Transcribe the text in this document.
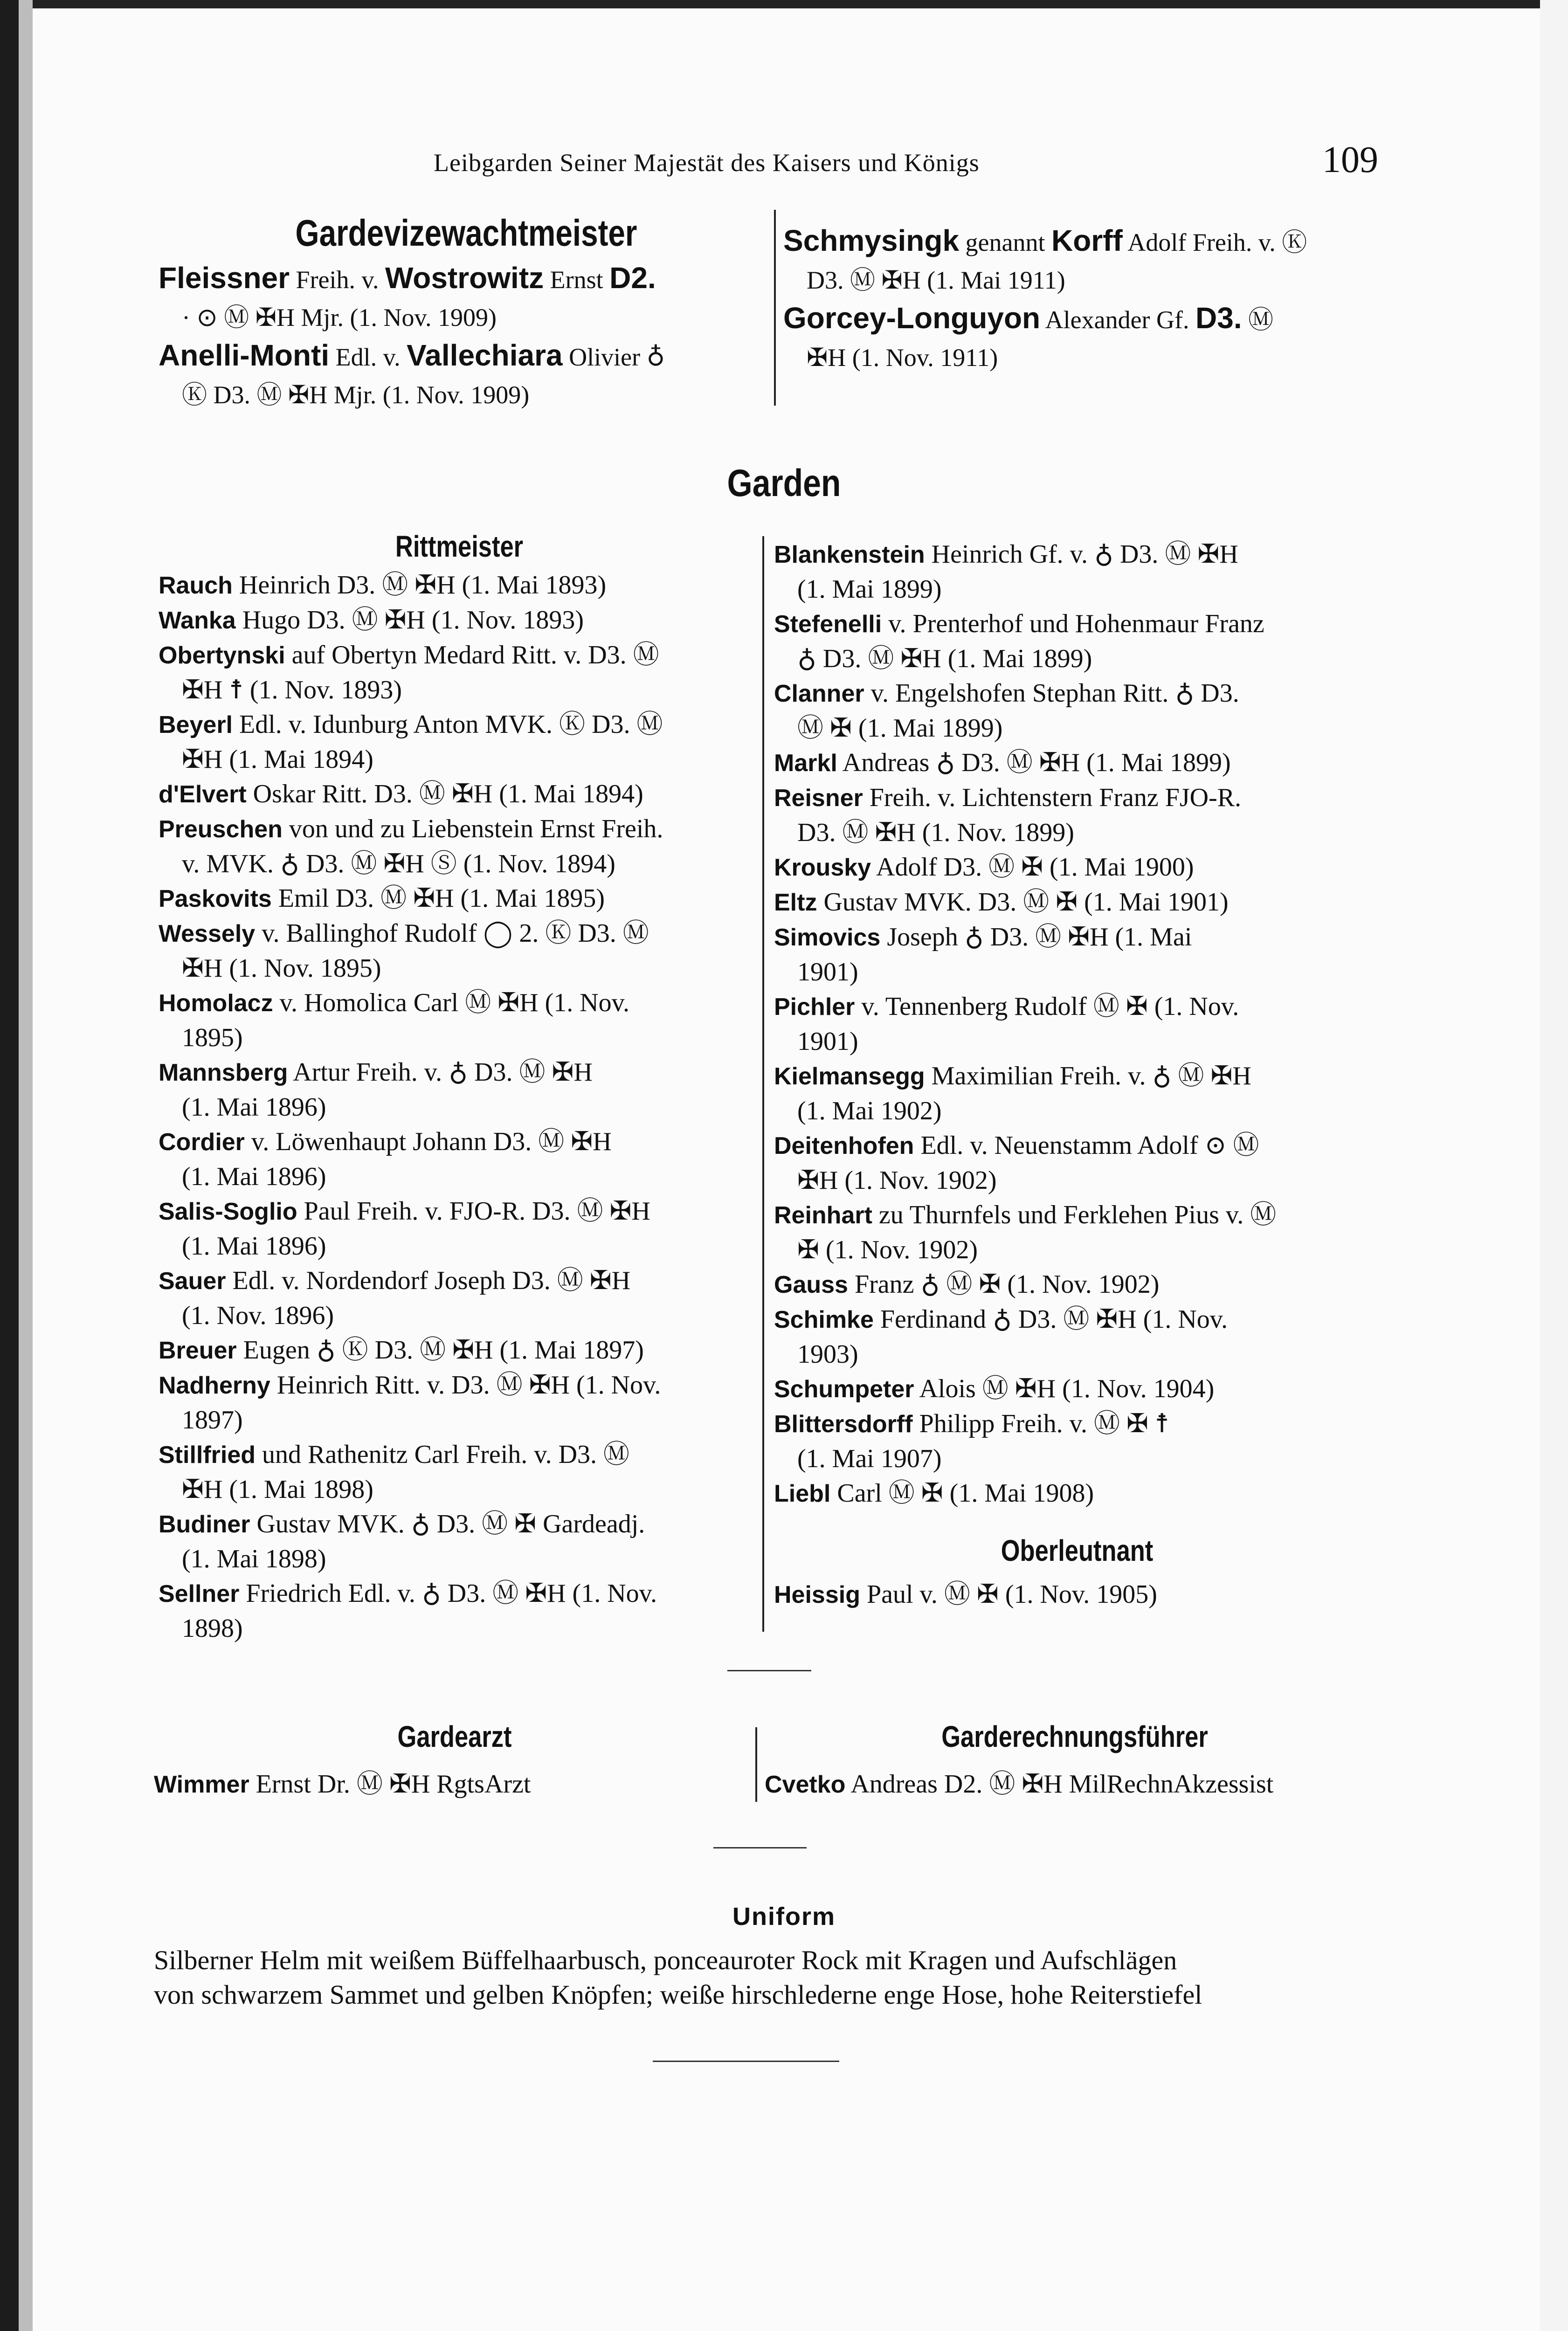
Leibgarden Seiner Majestät des Kaisers und Königs	109
Gardevizewachtmeister
Fleissner Freih. v. Wostrowitz Ernst D2.
· ⊙ Ⓜ ✠H Mjr. (1. Nov. 1909)
Anelli-Monti Edl. v. Vallechiara Olivier ♁
Ⓚ D3. Ⓜ ✠H Mjr. (1. Nov. 1909)
Schmysingk genannt Korff Adolf Freih. v. Ⓚ
D3. Ⓜ ✠H (1. Mai 1911)
Gorcey-Longuyon Alexander Gf. D3. Ⓜ
✠H (1. Nov. 1911)
Garden
Rittmeister
Rauch Heinrich D3. Ⓜ ✠H (1. Mai 1893)
Wanka Hugo D3. Ⓜ ✠H (1. Nov. 1893)
Obertynski auf Obertyn Medard Ritt. v. D3. Ⓜ
✠H ☨ (1. Nov. 1893)
Beyerl Edl. v. Idunburg Anton MVK. Ⓚ D3. Ⓜ
✠H (1. Mai 1894)
d'Elvert Oskar Ritt. D3. Ⓜ ✠H (1. Mai 1894)
Preuschen von und zu Liebenstein Ernst Freih.
v. MVK. ♁ D3. Ⓜ ✠H Ⓢ (1. Nov. 1894)
Paskovits Emil D3. Ⓜ ✠H (1. Mai 1895)
Wessely v. Ballinghof Rudolf ◯ 2. Ⓚ D3. Ⓜ
✠H (1. Nov. 1895)
Homolacz v. Homolica Carl Ⓜ ✠H (1. Nov.
1895)
Mannsberg Artur Freih. v. ♁ D3. Ⓜ ✠H
(1. Mai 1896)
Cordier v. Löwenhaupt Johann D3. Ⓜ ✠H
(1. Mai 1896)
Salis-Soglio Paul Freih. v. FJO-R. D3. Ⓜ ✠H
(1. Mai 1896)
Sauer Edl. v. Nordendorf Joseph D3. Ⓜ ✠H
(1. Nov. 1896)
Breuer Eugen ♁ Ⓚ D3. Ⓜ ✠H (1. Mai 1897)
Nadherny Heinrich Ritt. v. D3. Ⓜ ✠H (1. Nov.
1897)
Stillfried und Rathenitz Carl Freih. v. D3. Ⓜ
✠H (1. Mai 1898)
Budiner Gustav MVK. ♁ D3. Ⓜ ✠ Gardeadj.
(1. Mai 1898)
Sellner Friedrich Edl. v. ♁ D3. Ⓜ ✠H (1. Nov.
1898)
Blankenstein Heinrich Gf. v. ♁ D3. Ⓜ ✠H
(1. Mai 1899)
Stefenelli v. Prenterhof und Hohenmaur Franz
♁ D3. Ⓜ ✠H (1. Mai 1899)
Clanner v. Engelshofen Stephan Ritt. ♁ D3.
Ⓜ ✠ (1. Mai 1899)
Markl Andreas ♁ D3. Ⓜ ✠H (1. Mai 1899)
Reisner Freih. v. Lichtenstern Franz FJO-R.
D3. Ⓜ ✠H (1. Nov. 1899)
Krousky Adolf D3. Ⓜ ✠ (1. Mai 1900)
Eltz Gustav MVK. D3. Ⓜ ✠ (1. Mai 1901)
Simovics Joseph ♁ D3. Ⓜ ✠H (1. Mai
1901)
Pichler v. Tennenberg Rudolf Ⓜ ✠ (1. Nov.
1901)
Kielmansegg Maximilian Freih. v. ♁ Ⓜ ✠H
(1. Mai 1902)
Deitenhofen Edl. v. Neuenstamm Adolf ⊙ Ⓜ
✠H (1. Nov. 1902)
Reinhart zu Thurnfels und Ferklehen Pius v. Ⓜ
✠ (1. Nov. 1902)
Gauss Franz ♁ Ⓜ ✠ (1. Nov. 1902)
Schimke Ferdinand ♁ D3. Ⓜ ✠H (1. Nov.
1903)
Schumpeter Alois Ⓜ ✠H (1. Nov. 1904)
Blittersdorff Philipp Freih. v. Ⓜ ✠ ☨
(1. Mai 1907)
Liebl Carl Ⓜ ✠ (1. Mai 1908)
Oberleutnant
Heissig Paul v. Ⓜ ✠ (1. Nov. 1905)
Gardearzt
Wimmer Ernst Dr. Ⓜ ✠H RgtsArzt
Garderechnungsführer
Cvetko Andreas D2. Ⓜ ✠H MilRechnAkzessist
Uniform
Silberner Helm mit weißem Büffelhaarbusch, ponceauroter Rock mit Kragen und Aufschlägen
von schwarzem Sammet und gelben Knöpfen; weiße hirschlederne enge Hose, hohe Reiterstiefel
